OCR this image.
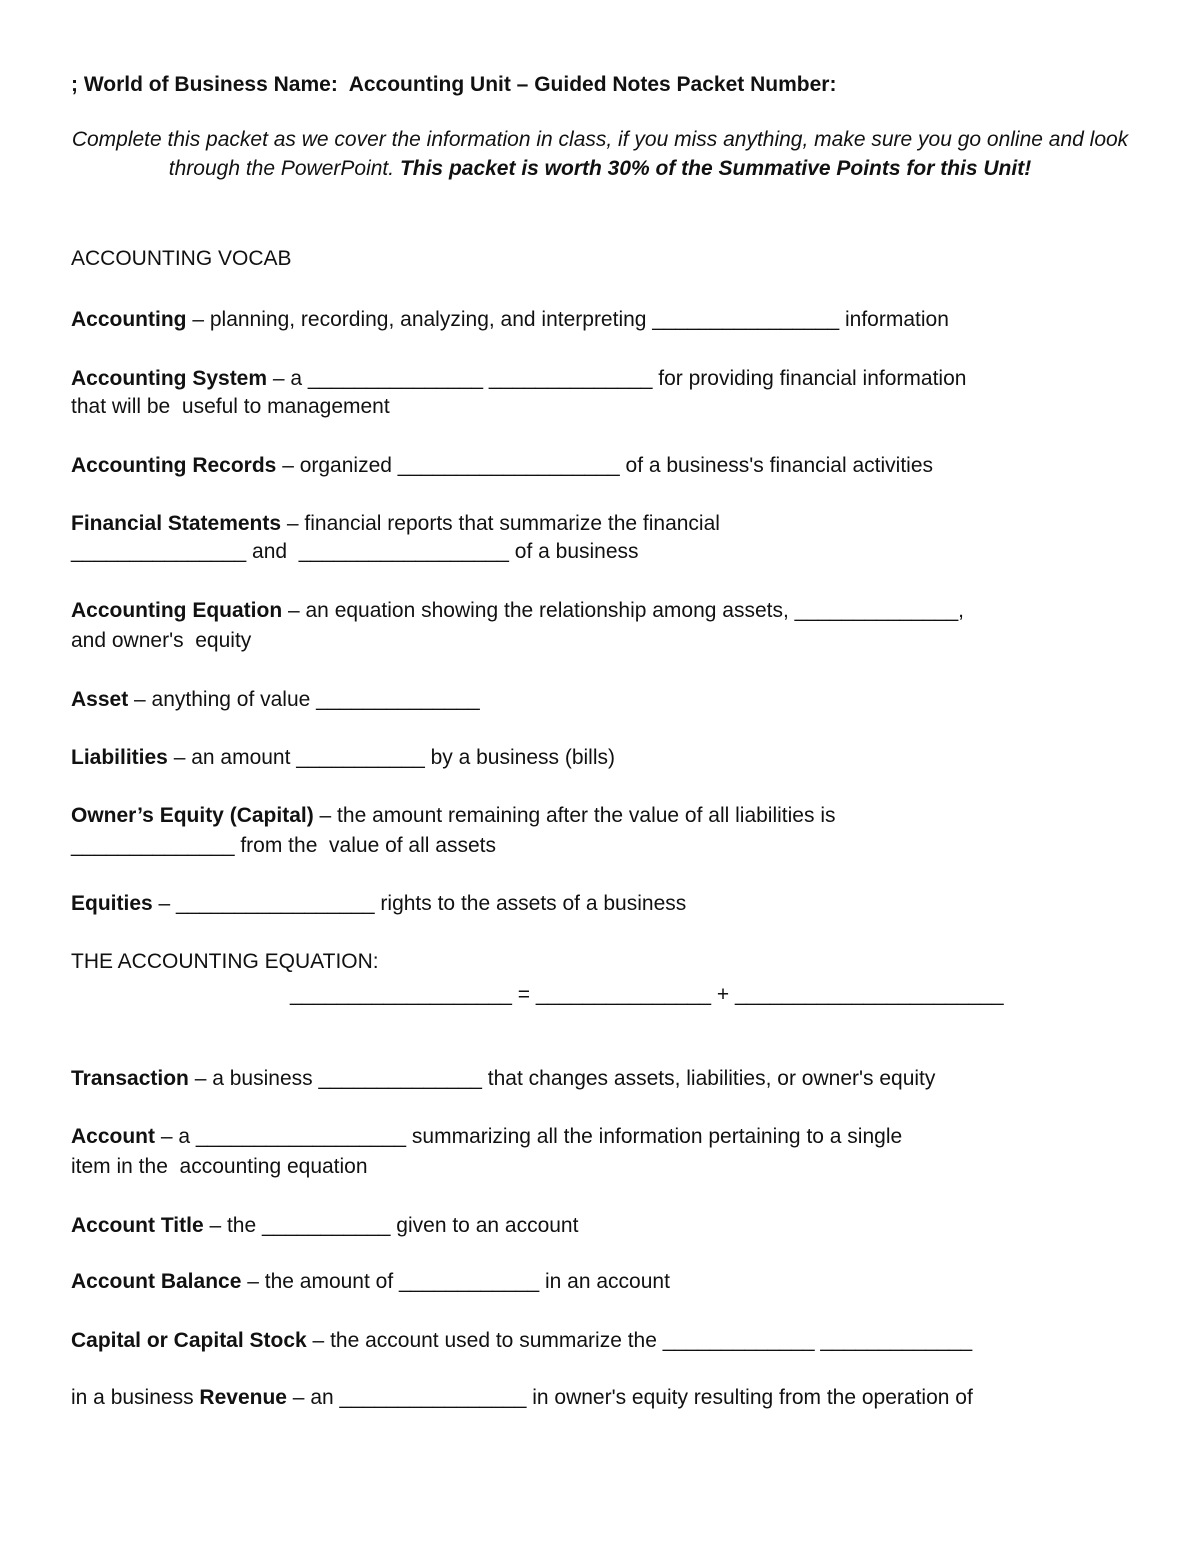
; World of Business Name:  Accounting Unit – Guided Notes Packet Number:
Complete this packet as we cover the information in class, if you miss anything, make sure you go online and look through the PowerPoint. This packet is worth 30% of the Summative Points for this Unit!
ACCOUNTING VOCAB
Accounting – planning, recording, analyzing, and interpreting ________________ information
Accounting System – a _______________ ______________ for providing financial information
that will be  useful to management
Accounting Records – organized ___________________ of a business's financial activities
Financial Statements – financial reports that summarize the financial
_______________ and  __________________ of a business
Accounting Equation – an equation showing the relationship among assets, ______________,
and owner's  equity
Asset – anything of value ______________
Liabilities – an amount ___________ by a business (bills)
Owner’s Equity (Capital) – the amount remaining after the value of all liabilities is
______________ from the  value of all assets
Equities – _________________ rights to the assets of a business
THE ACCOUNTING EQUATION:
___________________ = _______________ + _______________________
Transaction – a business ______________ that changes assets, liabilities, or owner's equity
Account – a __________________ summarizing all the information pertaining to a single
item in the  accounting equation
Account Title – the ___________ given to an account
Account Balance – the amount of ____________ in an account
Capital or Capital Stock – the account used to summarize the _____________ _____________
in a business Revenue – an ________________ in owner's equity resulting from the operation of
